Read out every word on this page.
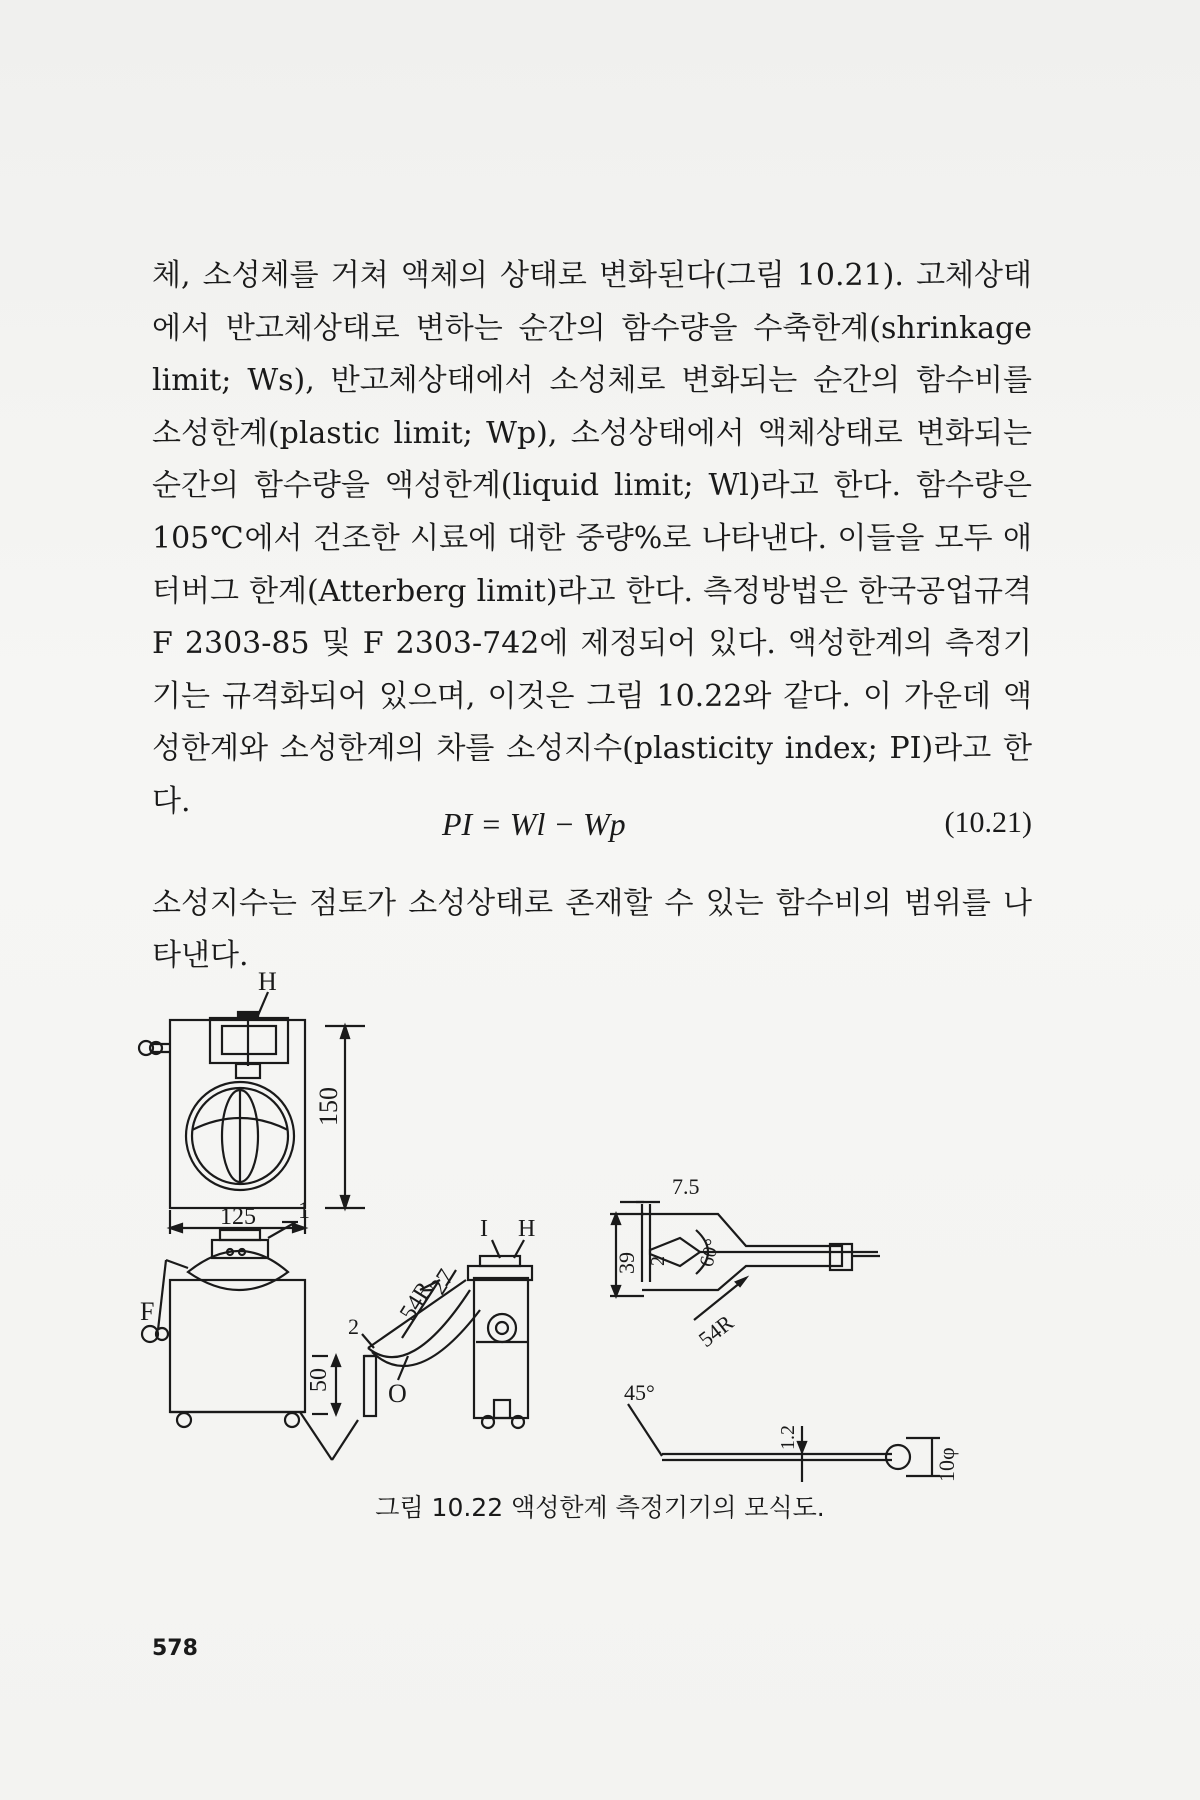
체, 소성체를 거쳐 액체의 상태로 변화된다(그림 10.21). 고체상태에서 반고체상태로 변하는 순간의 함수량을 수축한계(shrinkage limit; Ws), 반고체상태에서 소성체로 변화되는 순간의 함수비를 소성한계(plastic limit; Wp), 소성상태에서 액체상태로 변화되는 순간의 함수량을 액성한계(liquid limit; Wl)라고 한다. 함수량은 105℃에서 건조한 시료에 대한 중량%로 나타낸다. 이들을 모두 애터버그 한계(Atterberg limit)라고 한다. 측정방법은 한국공업규격F 2303-85 및 F 2303-742에 제정되어 있다. 액성한계의 측정기기는 규격화되어 있으며, 이것은 그림 10.22와 같다. 이 가운데 액성한계와 소성한계의 차를 소성지수(plasticity index; PI)라고 한다.

PI = Wl − Wp	(10.21)

소성지수는 점토가 소성상태로 존재할 수 있는 함수비의 범위를 나타낸다.

H
150
125 1
F
50
54R
27
2
O
I H
7.5
39 2 60°
54R
45°
1.2
10φ
그림 10.22 액성한계 측정기기의 모식도.
578
